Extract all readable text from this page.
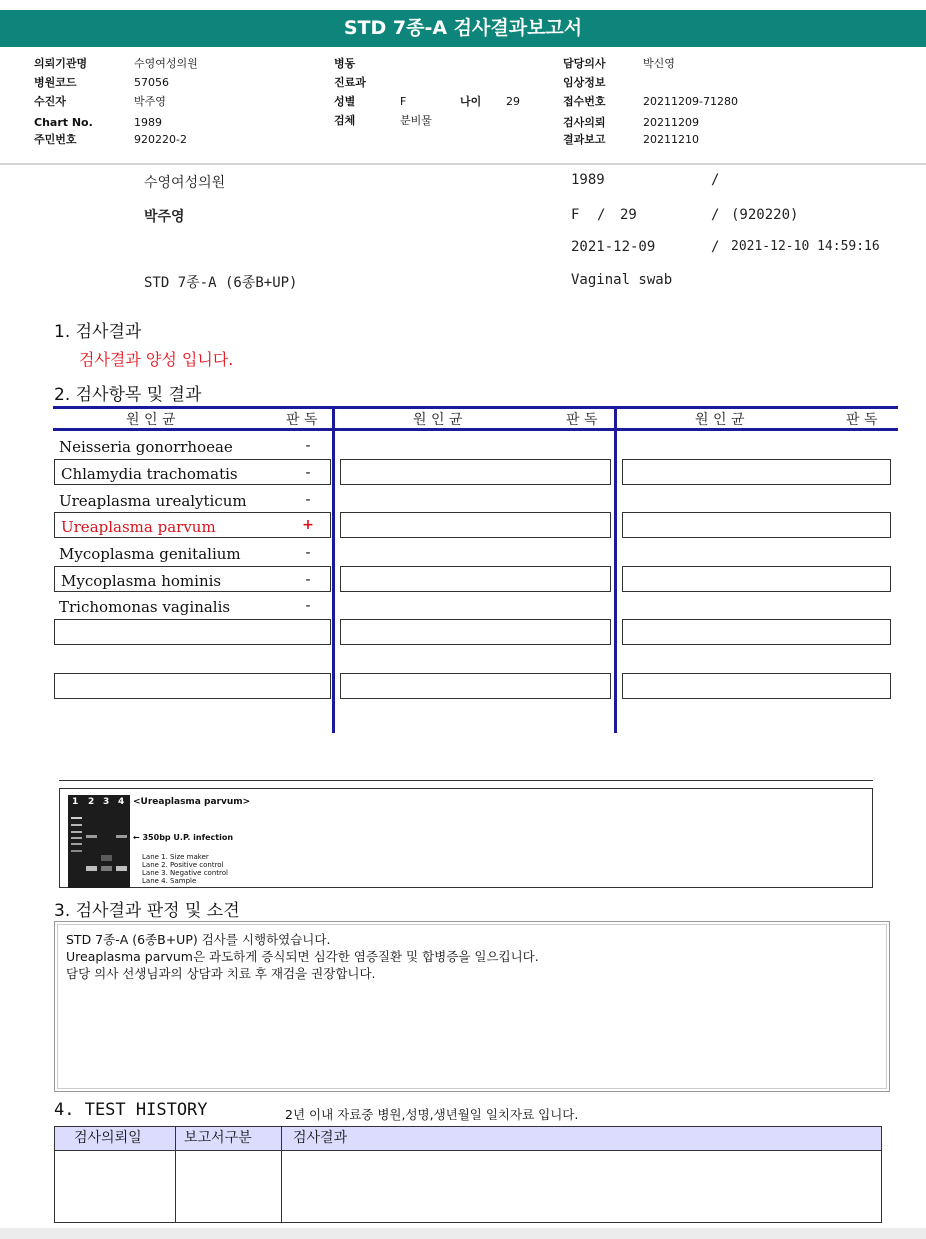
STD 7종-A 검사결과보고서
의뢰기관명	수영여성의원
병원코드	57056
수진자	박주영
Chart No.	1989
주민번호	920220-2
병동
진료과
성별	F
검체	분비물
나이 29
담당의사	박신영
임상정보
접수번호	20211209-71280
검사의뢰	20211209
결과보고	20211210
수영여성의원	1989	/
박주영	F / 29	/ (920220)
2021-12-09	/ 2021-12-10 14:59:16
STD 7종-A (6종B+UP)	Vaginal swab
1. 검사결과
검사결과 양성 입니다.
2. 검사항목 및 결과
원 인 균	판 독	원 인 균	판 독	원 인 균	판 독
Neisseria gonorrhoeae	-
Chlamydia trachomatis	-
Ureaplasma urealyticum	-
Ureaplasma parvum	+
Mycoplasma genitalium	-
Mycoplasma hominis	-
Trichomonas vaginalis	-
1 2 3 4 <Ureaplasma parvum>
← 350bp U.P. infection
Lane 1. Size maker
Lane 2. Positive control
Lane 3. Negative control
Lane 4. Sample
3. 검사결과 판정 및 소견
STD 7종-A (6종B+UP) 검사를 시행하였습니다.
Ureaplasma parvum은 과도하게 증식되면 심각한 염증질환 및 합병증을 일으킵니다.
담당 의사 선생님과의 상담과 치료 후 재검을 권장합니다.
4. TEST HISTORY	2년 이내 자료중 병원,성명,생년월일 일치자료 입니다.
검사의뢰일	보고서구분	검사결과
